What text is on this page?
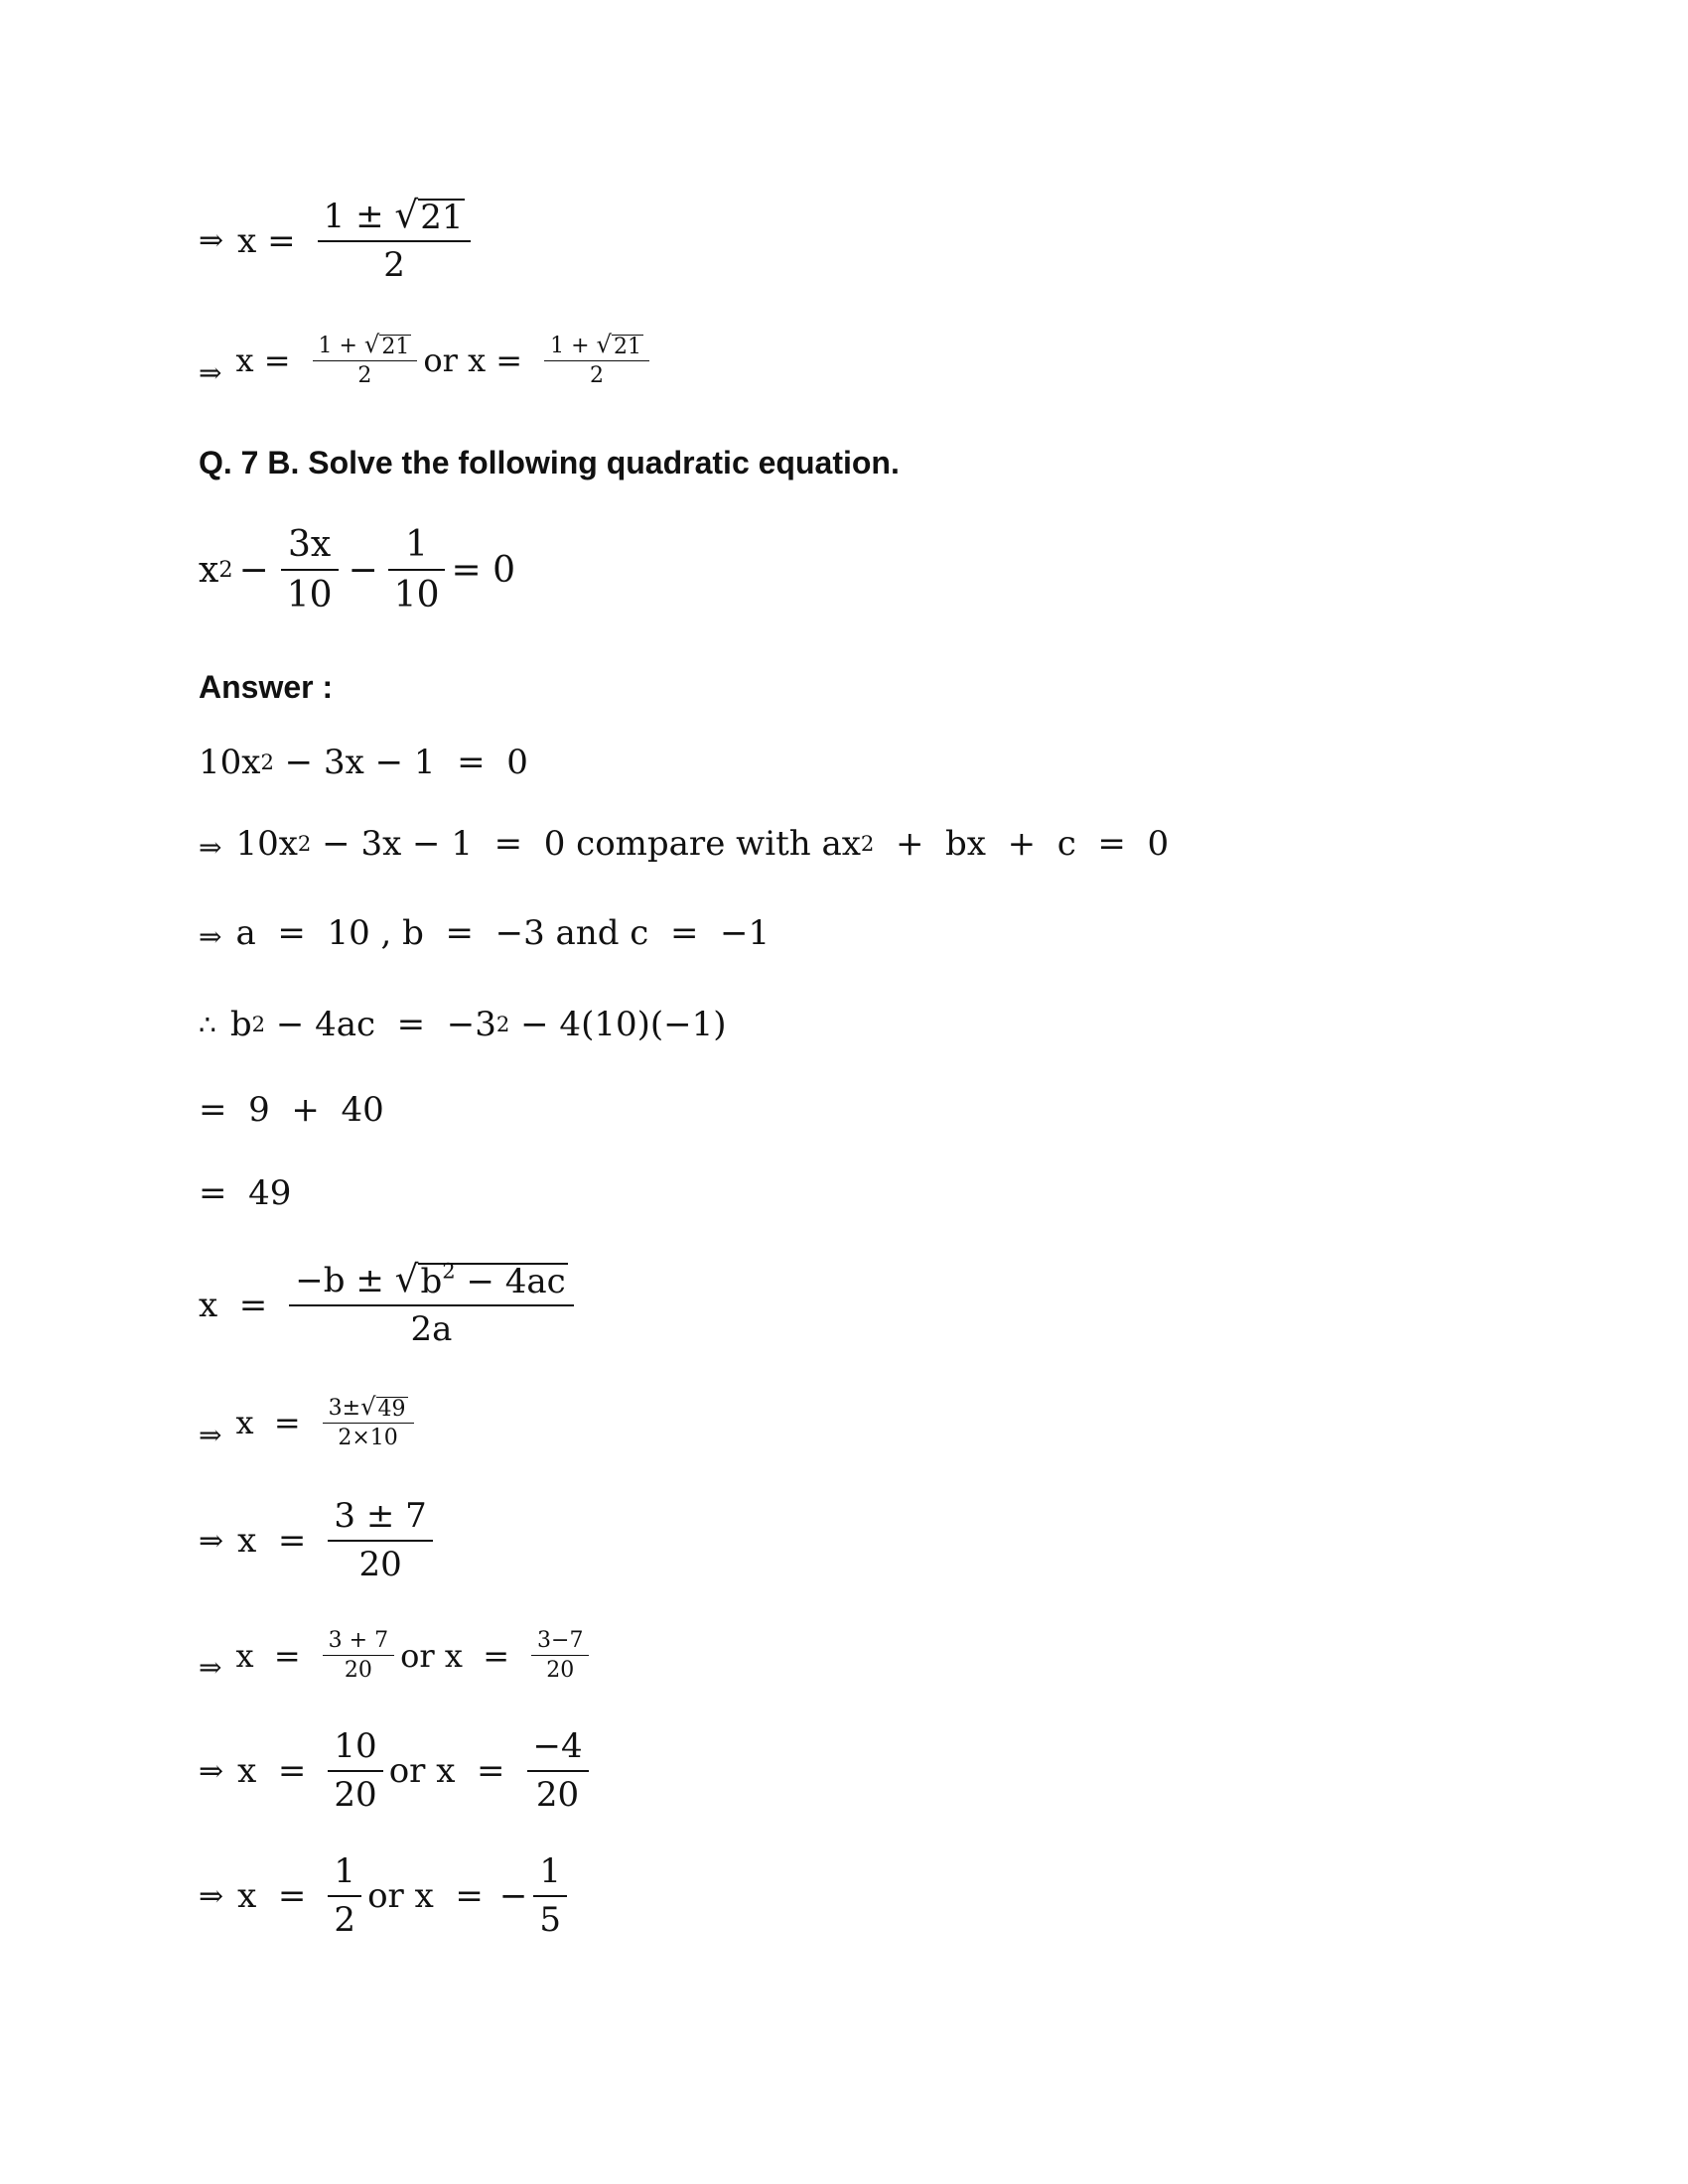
⇒ $x = \frac{1 \pm √ 21}{2}$
⇒ $x = \frac{1 + √ 21}{2}$ or $x = \frac{1 + √ 21}{2}$
Q. 7 B. Solve the following quadratic equation.
x $2 - \frac{3x}{10} - \frac{1}{10} = 0$
Answer :
10x 2 − 3x − 1  =  0
⇒ 10x 2 − 3x − 1  =  0 compare with ax 2 +  bx  +  c  =  0
⇒ a  =  10 , b  =  −3 and c  =  −1
∴ b 2 − 4ac  =  −3 2 − 4(10)(−1)
=  9  +  40
=  49
$x = \frac{-b \pm √ b^2 - 4ac}{2a}$
⇒ $x = \frac{3\pm √ 49}{2\times 10}$
⇒ $x = \frac{3 \pm 7}{20}$
⇒ $x = \frac{3 + 7}{20}$ or $x = \frac{3-7}{20}$
⇒ $x = \frac{10}{20}$ or $x = \frac{-4}{20}$
⇒ $x = \frac{1}{2}$ or x  = − $\frac{1}{5}$
